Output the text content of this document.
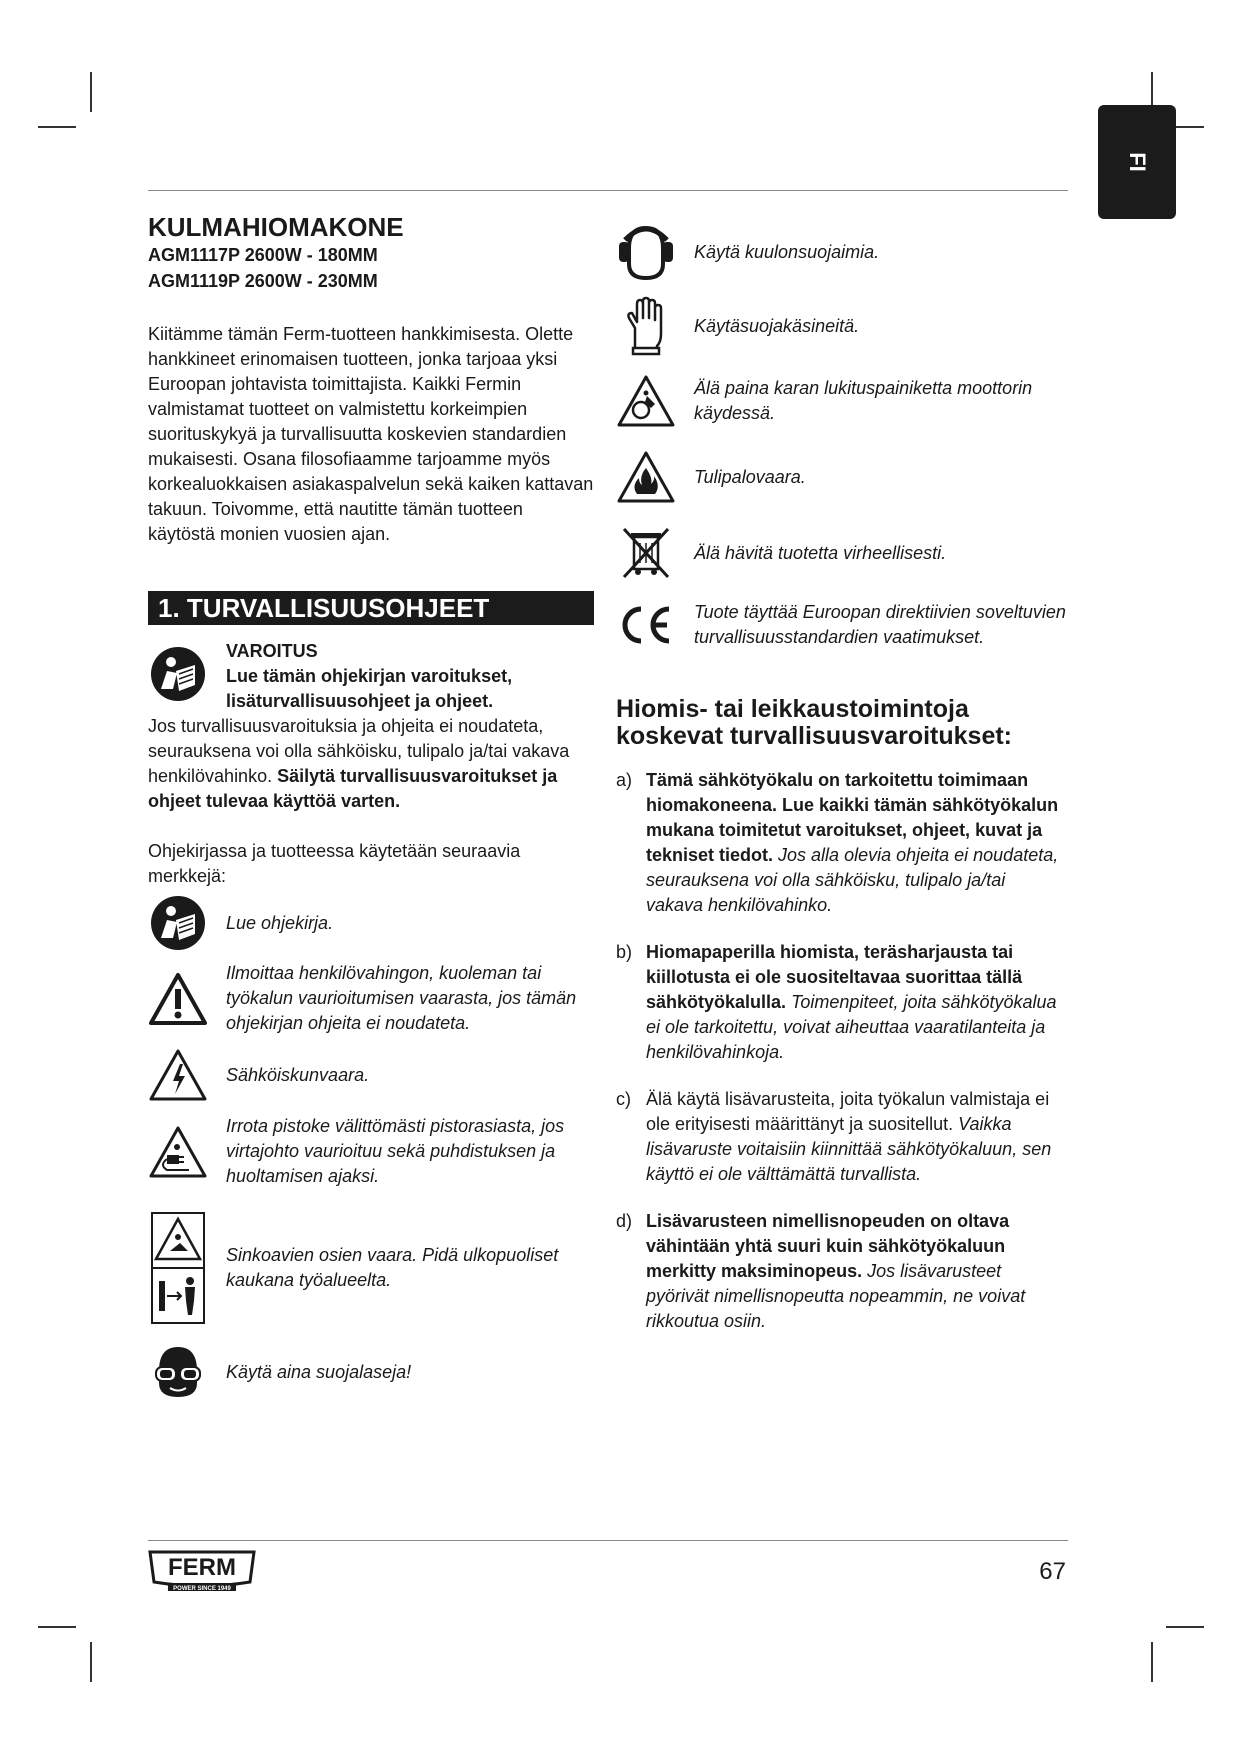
FI

KULMAHIOMAKONE

AGM1117P 2600W - 180MM

AGM1119P 2600W - 230MM

Kiitämme tämän Ferm-tuotteen hankkimisesta. Olette hankkineet erinomaisen tuotteen, jonka tarjoaa yksi Euroopan johtavista toimittajista. Kaikki Fermin valmistamat tuotteet on valmistettu korkeimpien suorituskykyä ja turvallisuutta koskevien standardien mukaisesti. Osana filosofiaamme tarjoamme myös korkealuokkaisen asiakaspalvelun sekä kaiken kattavan takuun. Toivomme, että nautitte tämän tuotteen käytöstä monien vuosien ajan.

1. TURVALLISUUSOHJEET

VAROITUS

Lue tämän ohjekirjan varoitukset, lisäturvallisuusohjeet ja ohjeet.

Jos turvallisuusvaroituksia ja ohjeita ei noudateta, seurauksena voi olla sähköisku, tulipalo ja/tai vakava henkilövahinko. Säilytä turvallisuusvaroitukset ja ohjeet tulevaa käyttöä varten.

Ohjekirjassa ja tuotteessa käytetään seuraavia merkkejä:

Lue ohjekirja.
Ilmoittaa henkilövahingon, kuoleman tai työkalun vaurioitumisen vaarasta, jos tämän ohjekirjan ohjeita ei noudateta.
Sähköiskunvaara.
Irrota pistoke välittömästi pistorasiasta, jos virtajohto vaurioituu sekä puhdistuksen ja huoltamisen ajaksi.
Sinkoavien osien vaara. Pidä ulkopuoliset kaukana työalueelta.
Käytä aina suojalaseja!
Käytä kuulonsuojaimia.
Käytäsuojakäsineitä.
Älä paina karan lukituspainiketta moottorin käydessä.
Tulipalovaara.
Älä hävitä tuotetta virheellisesti.
Tuote täyttää Euroopan direktiivien soveltuvien turvallisuusstandardien vaatimukset.
Hiomis- tai leikkaustoimintoja koskevat turvallisuusvaroitukset:
a) Tämä sähkötyökalu on tarkoitettu toimimaan hiomakoneena. Lue kaikki tämän sähkötyökalun mukana toimitetut varoitukset, ohjeet, kuvat ja tekniset tiedot. Jos alla olevia ohjeita ei noudateta, seurauksena voi olla sähköisku, tulipalo ja/tai vakava henkilövahinko.
b) Hiomapaperilla hiomista, teräsharjausta tai kiillotusta ei ole suositeltavaa suorittaa tällä sähkötyökalulla. Toimenpiteet, joita sähkötyökalua ei ole tarkoitettu, voivat aiheuttaa vaaratilanteita ja henkilövahinkoja.
c) Älä käytä lisävarusteita, joita työkalun valmistaja ei ole erityisesti määrittänyt ja suositellut. Vaikka lisävaruste voitaisiin kiinnittää sähkötyökaluun, sen käyttö ei ole välttämättä turvallista.
d) Lisävarusteen nimellisnopeuden on oltava vähintään yhtä suuri kuin sähkötyökaluun merkitty maksiminopeus. Jos lisävarusteet pyörivät nimellisnopeutta nopeammin, ne voivat rikkoutua osiin.
FERM
POWER SINCE 1949
67
